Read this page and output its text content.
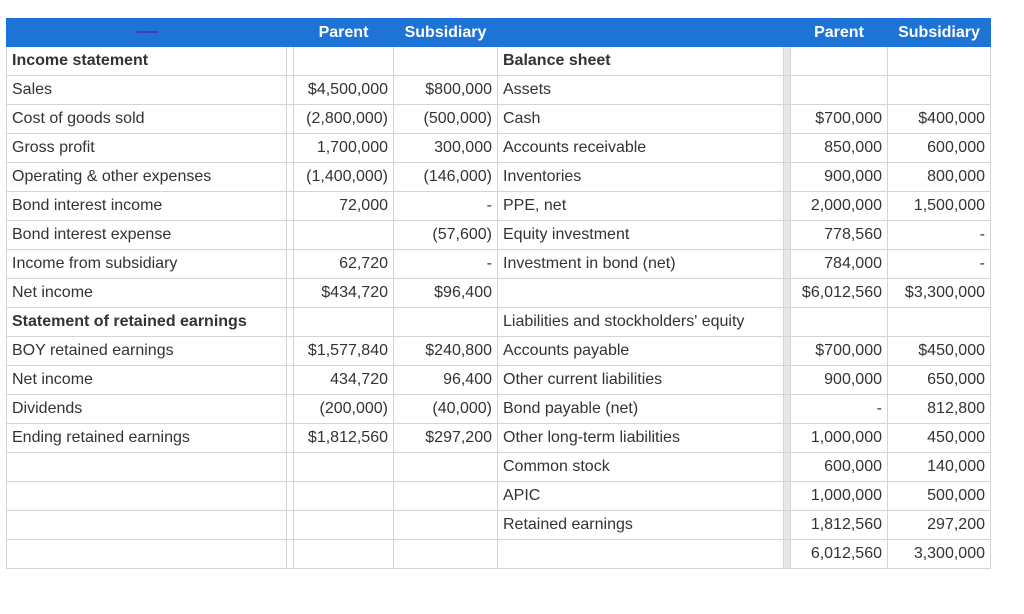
		Parent	Subsidiary			Parent	Subsidiary
Income statement				Balance sheet			
Sales		$4,500,000	$800,000	Assets			
Cost of goods sold		(2,800,000)	(500,000)	Cash		$700,000	$400,000
Gross profit		1,700,000	300,000	Accounts receivable		850,000	600,000
Operating & other expenses		(1,400,000)	(146,000)	Inventories		900,000	800,000
Bond interest income		72,000	-	PPE, net		2,000,000	1,500,000
Bond interest expense			(57,600)	Equity investment		778,560	-
Income from subsidiary		62,720	-	Investment in bond (net)		784,000	-
Net income		$434,720	$96,400			$6,012,560	$3,300,000
Statement of retained earnings				Liabilities and stockholders' equity			
BOY retained earnings		$1,577,840	$240,800	Accounts payable		$700,000	$450,000
Net income		434,720	96,400	Other current liabilities		900,000	650,000
Dividends		(200,000)	(40,000)	Bond payable (net)		-	812,800
Ending retained earnings		$1,812,560	$297,200	Other long-term liabilities		1,000,000	450,000
				Common stock		600,000	140,000
				APIC		1,000,000	500,000
				Retained earnings		1,812,560	297,200
						6,012,560	3,300,000
